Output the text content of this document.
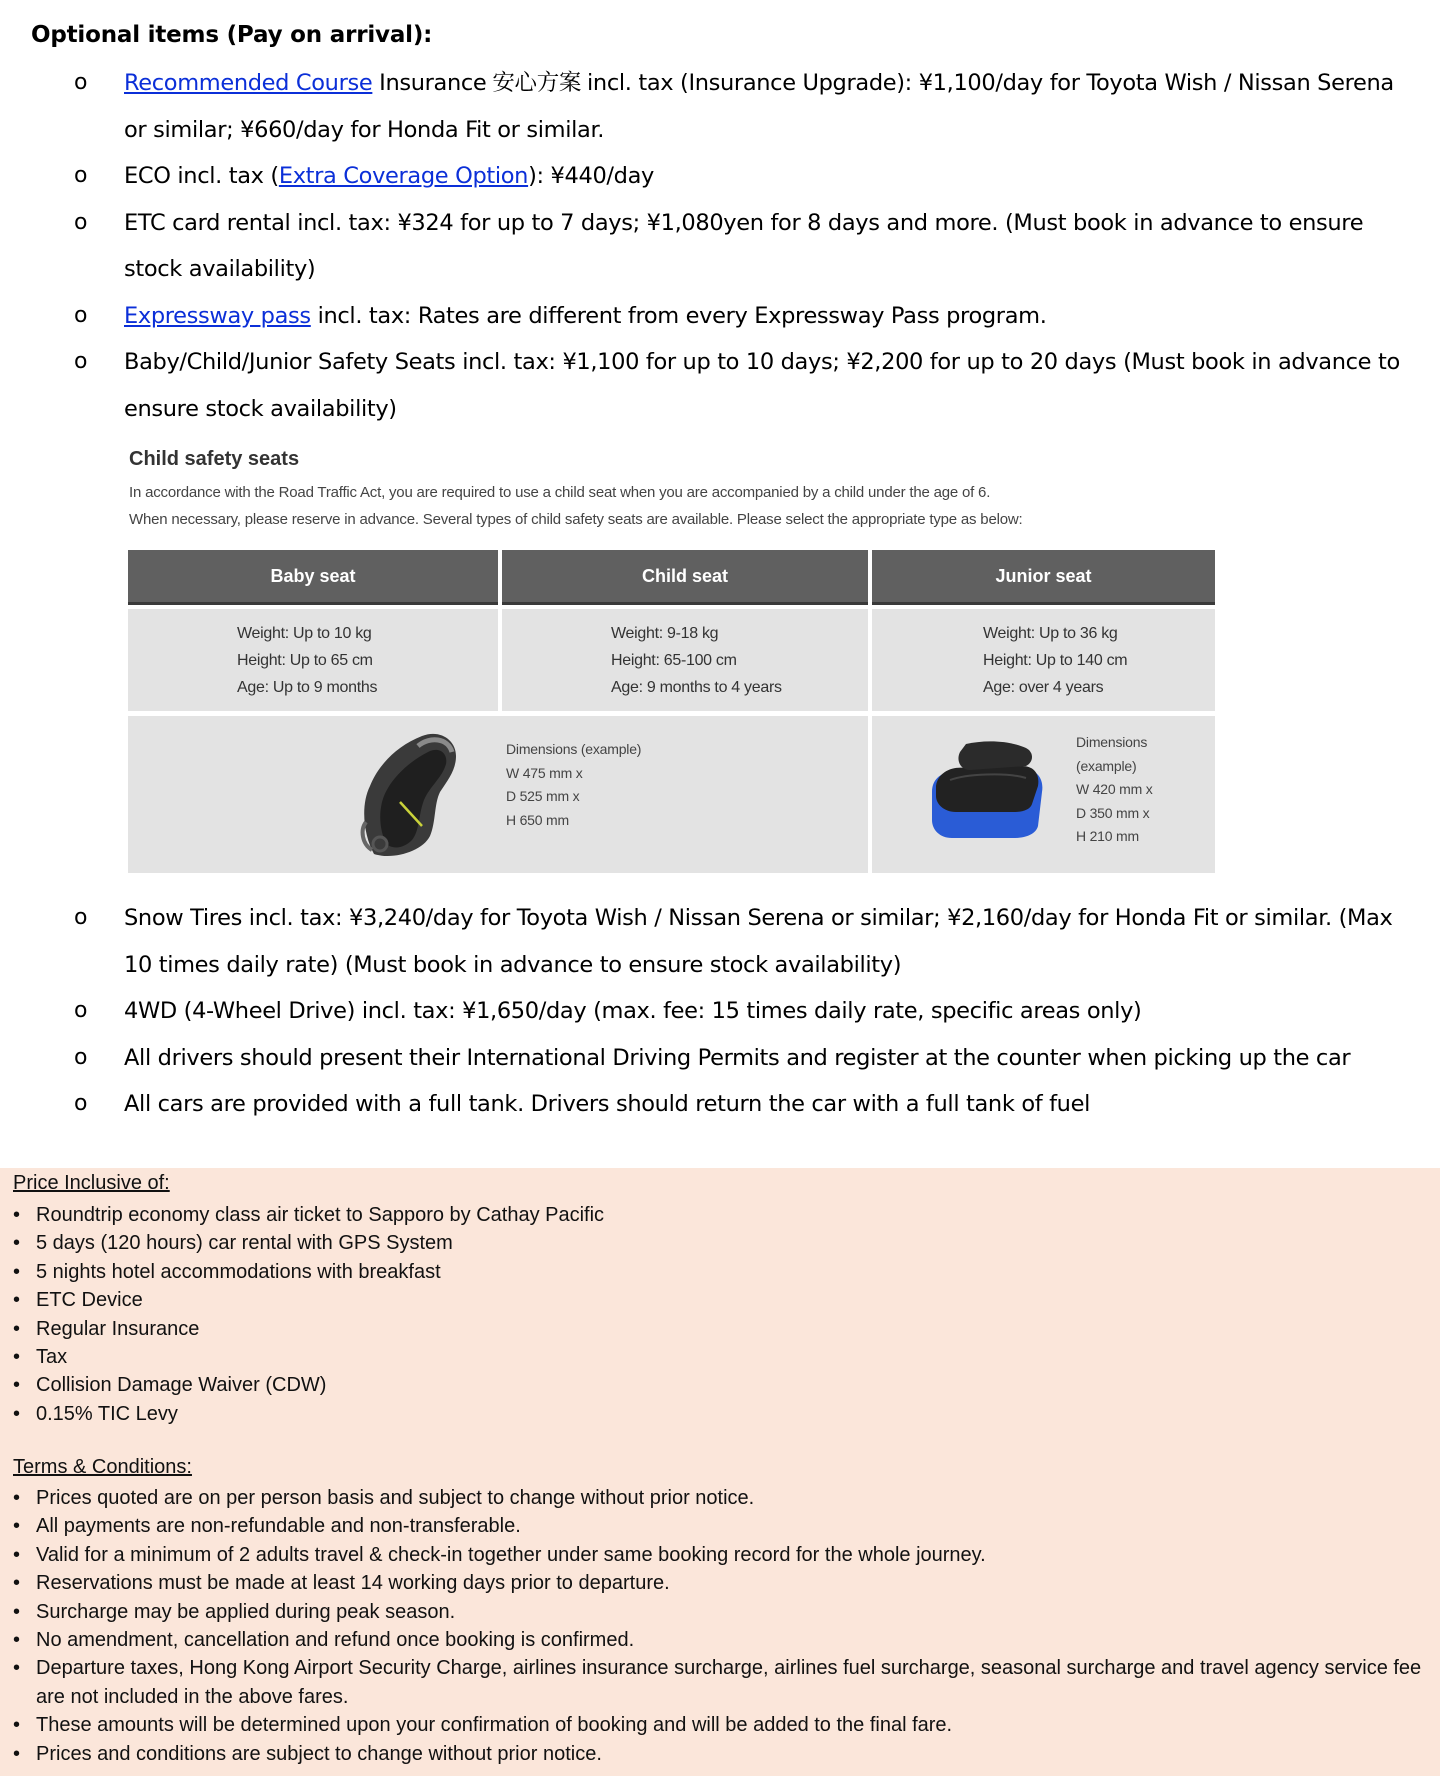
Optional items (Pay on arrival):
o Recommended Course Insurance 安心方案 incl. tax (Insurance Upgrade): ¥1,100/day for Toyota Wish / Nissan Serena or similar; ¥660/day for Honda Fit or similar.
o ECO incl. tax (Extra Coverage Option): ¥440/day
o ETC card rental incl. tax: ¥324 for up to 7 days; ¥1,080yen for 8 days and more. (Must book in advance to ensure stock availability)
o Expressway pass incl. tax: Rates are different from every Expressway Pass program.
o Baby/Child/Junior Safety Seats incl. tax: ¥1,100 for up to 10 days; ¥2,200 for up to 20 days (Must book in advance to ensure stock availability)
Child safety seats
In accordance with the Road Traffic Act, you are required to use a child seat when you are accompanied by a child under the age of 6.
When necessary, please reserve in advance. Several types of child safety seats are available. Please select the appropriate type as below:
Baby seat	Child seat	Junior seat
Weight: Up to 10 kg
Height: Up to 65 cm
Age: Up to 9 months
Weight: 9-18 kg
Height: 65-100 cm
Age: 9 months to 4 years
Weight: Up to 36 kg
Height: Up to 140 cm
Age: over 4 years
Dimensions (example)
W 475 mm x
D 525 mm x
H 650 mm
Dimensions
(example)
W 420 mm x
D 350 mm x
H 210 mm
o Snow Tires incl. tax: ¥3,240/day for Toyota Wish / Nissan Serena or similar; ¥2,160/day for Honda Fit or similar. (Max 10 times daily rate) (Must book in advance to ensure stock availability)
o 4WD (4-Wheel Drive) incl. tax: ¥1,650/day (max. fee: 15 times daily rate, specific areas only)
o All drivers should present their International Driving Permits and register at the counter when picking up the car
o All cars are provided with a full tank. Drivers should return the car with a full tank of fuel
Price Inclusive of:
• Roundtrip economy class air ticket to Sapporo by Cathay Pacific
• 5 days (120 hours) car rental with GPS System
• 5 nights hotel accommodations with breakfast
• ETC Device
• Regular Insurance
• Tax
• Collision Damage Waiver (CDW)
• 0.15% TIC Levy
Terms & Conditions:
• Prices quoted are on per person basis and subject to change without prior notice.
• All payments are non-refundable and non-transferable.
• Valid for a minimum of 2 adults travel & check-in together under same booking record for the whole journey.
• Reservations must be made at least 14 working days prior to departure.
• Surcharge may be applied during peak season.
• No amendment, cancellation and refund once booking is confirmed.
• Departure taxes, Hong Kong Airport Security Charge, airlines insurance surcharge, airlines fuel surcharge, seasonal surcharge and travel agency service fee are not included in the above fares.
• These amounts will be determined upon your confirmation of booking and will be added to the final fare.
• Prices and conditions are subject to change without prior notice.
